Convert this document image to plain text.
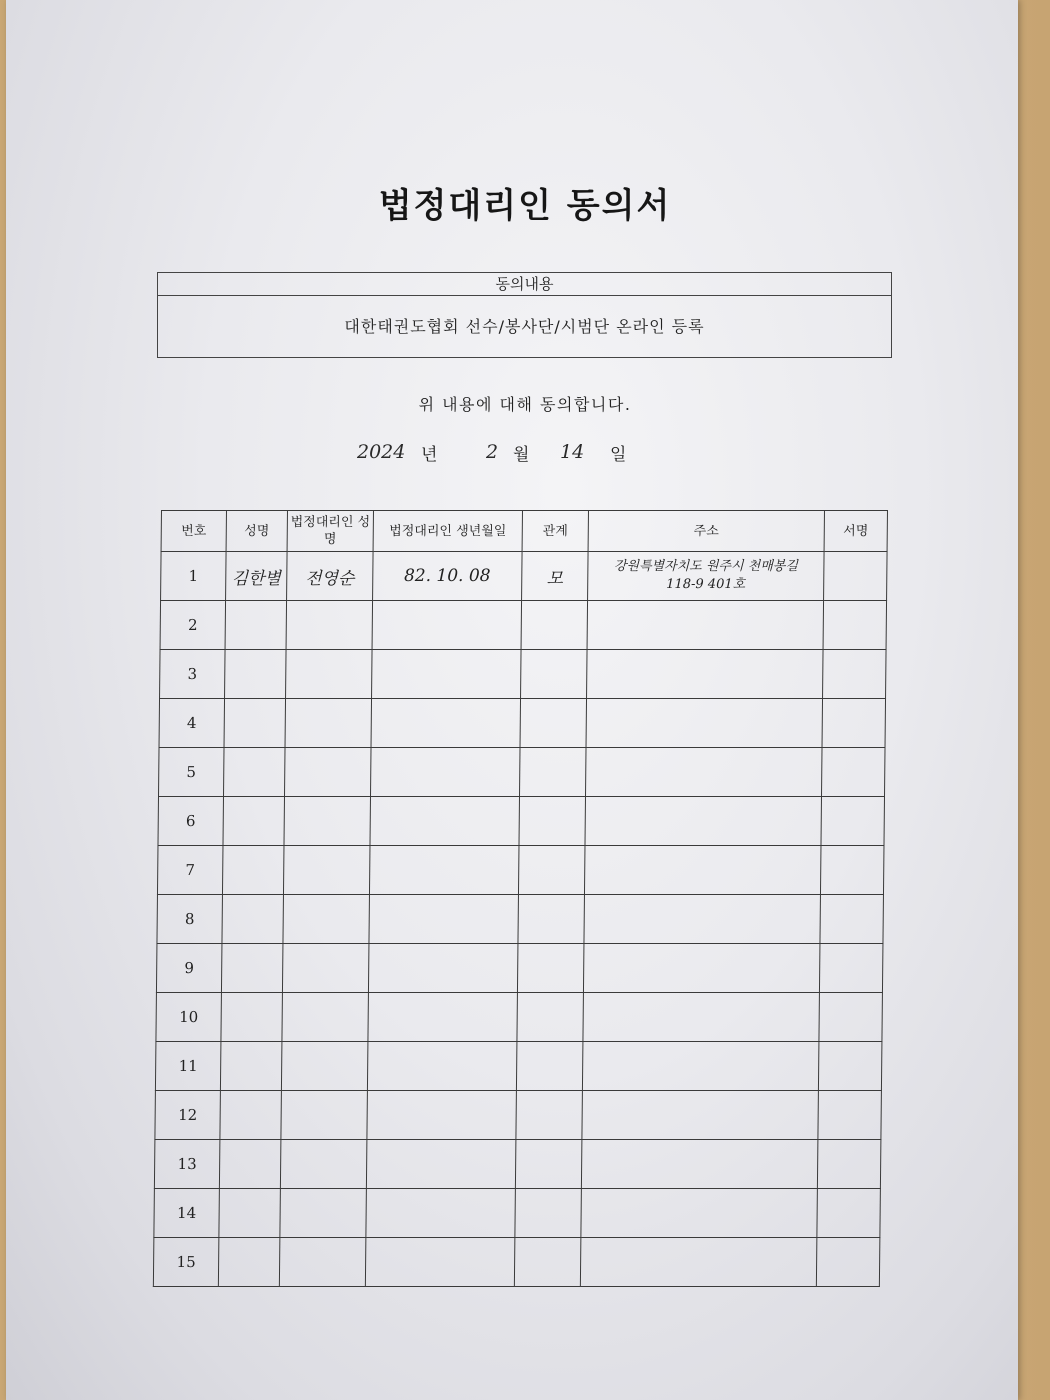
법정대리인 동의서
동의내용
대한태권도협회 선수/봉사단/시범단 온라인 등록
위 내용에 대해 동의합니다.
2024 년	2 월 14 일
번호	성명	법정대리인 성명	법정대리인 생년월일	관계	주소	서명
1	김한별	전영순	82. 10. 08	모	강원특별자치도 원주시 천매봉길
118-9 401호	

2						
3						
4						
5						
6						
7						
8						
9						
10						
11						
12						
13						
14						
15						
